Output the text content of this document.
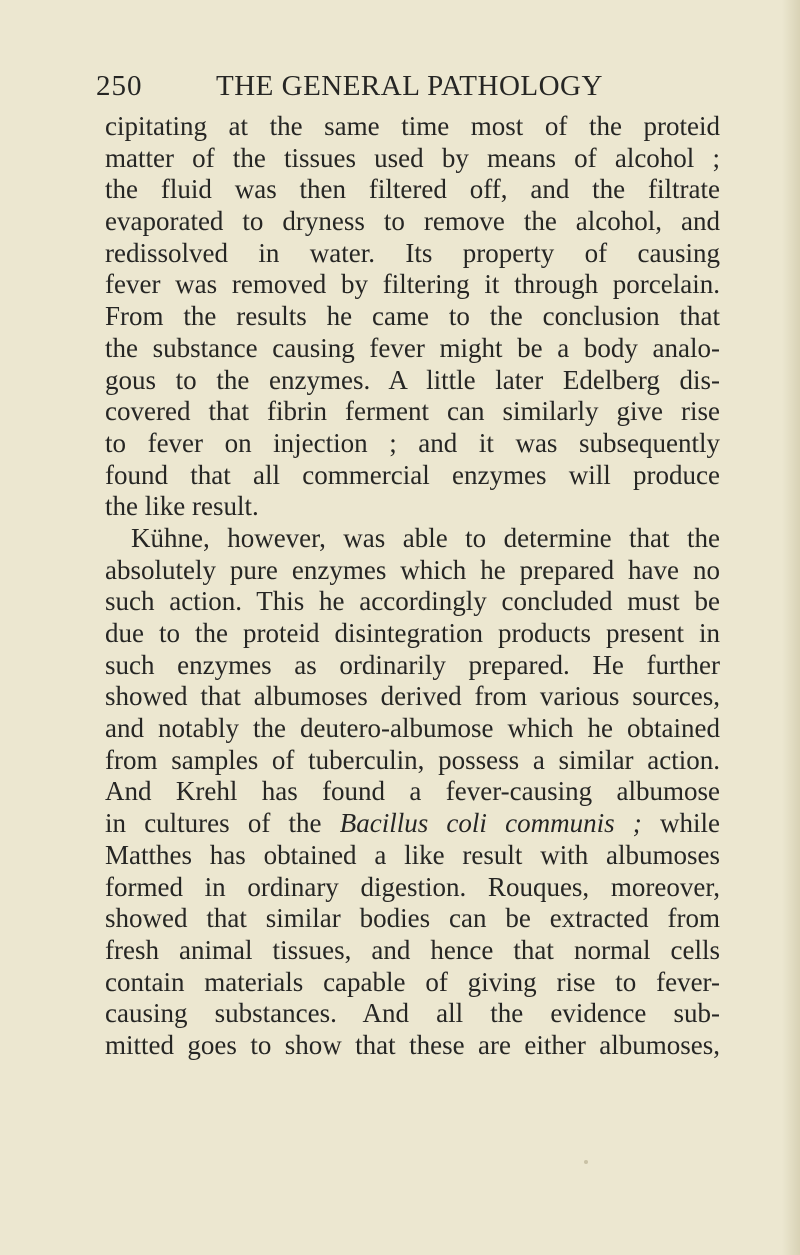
250	THE GENERAL PATHOLOGY
cipitating at the same time most of the proteid
matter of the tissues used by means of alcohol ;
the fluid was then filtered off, and the filtrate
evaporated to dryness to remove the alcohol, and
redissolved in water. Its property of causing
fever was removed by filtering it through porcelain.
From the results he came to the conclusion that
the substance causing fever might be a body analo-
gous to the enzymes. A little later Edelberg dis-
covered that fibrin ferment can similarly give rise
to fever on injection ; and it was subsequently
found that all commercial enzymes will produce
the like result.
Kühne, however, was able to determine that the
absolutely pure enzymes which he prepared have no
such action. This he accordingly concluded must be
due to the proteid disintegration products present in
such enzymes as ordinarily prepared. He further
showed that albumoses derived from various sources,
and notably the deutero-albumose which he obtained
from samples of tuberculin, possess a similar action.
And Krehl has found a fever-causing albumose
in cultures of the Bacillus coli communis ; while
Matthes has obtained a like result with albumoses
formed in ordinary digestion. Rouques, moreover,
showed that similar bodies can be extracted from
fresh animal tissues, and hence that normal cells
contain materials capable of giving rise to fever-
causing substances. And all the evidence sub-
mitted goes to show that these are either albumoses,
